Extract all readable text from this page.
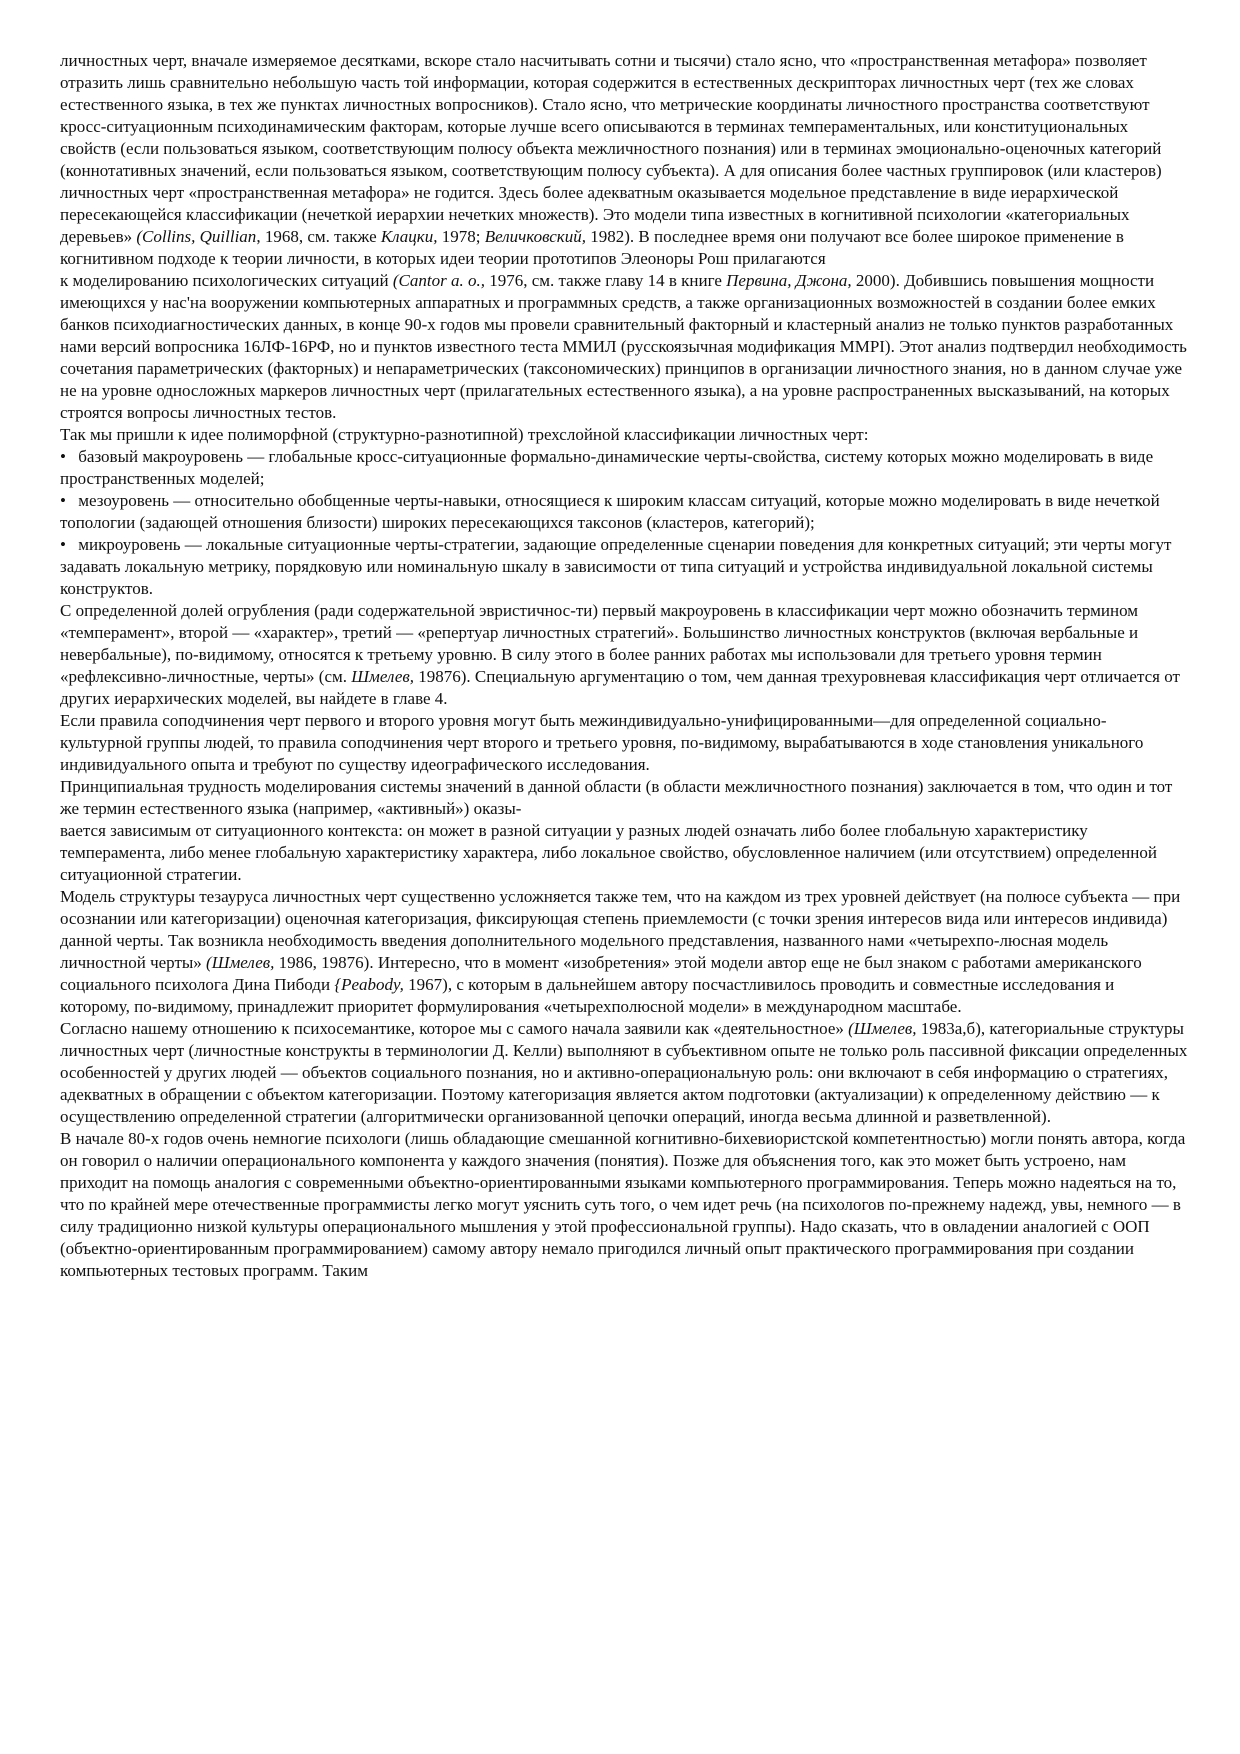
личностных черт, вначале измеряемое десятками, вскоре стало насчитывать сотни и тысячи) стало ясно, что «пространственная метафора» позволяет отразить лишь сравнительно небольшую часть той информации, которая содержится в естественных дескрипторах личностных черт (тех же словах естественного языка, в тех же пунктах личностных вопросников). Стало ясно, что метрические координаты личностного пространства соответствуют кросс-ситуационным психодинамическим факторам, которые лучше всего описываются в терминах темпераментальных, или конституциональных свойств (если пользоваться языком, соответствующим полюсу объекта межличностного познания) или в терминах эмоционально-оценочных категорий (коннотативных значений, если пользоваться языком, соответствующим полюсу субъекта). А для описания более частных группировок (или кластеров) личностных черт «пространственная метафора» не годится. Здесь более адекватным оказывается модельное представление в виде иерархической пересекающейся классификации (нечеткой иерархии нечетких множеств). Это модели типа известных в когнитивной психологии «категориальных деревьев» (Collins, Quillian, 1968, см. также Клацки, 1978; Величковский, 1982). В последнее время они получают все более широкое применение в когнитивном подходе к теории личности, в которых идеи теории прототипов Элеоноры Рош прилагаются

к моделированию психологических ситуаций (Cantor a. o., 1976, см. также главу 14 в книге Первина, Джона, 2000). Добившись повышения мощности имеющихся у нас'на вооружении компьютерных аппаратных и программных средств, а также организационных возможностей в создании более емких банков психодиагностических данных, в конце 90-х годов мы провели сравнительный факторный и кластерный анализ не только пунктов разработанных нами версий вопросника 16ЛФ-16РФ, но и пунктов известного теста ММИЛ (русскоязычная модификация MMPI). Этот анализ подтвердил необходимость сочетания параметрических (факторных) и непараметрических (таксономических) принципов в организации личностного знания, но в данном случае уже не на уровне односложных маркеров личностных черт (прилагательных естественного языка), а на уровне распространенных высказываний, на которых строятся вопросы личностных тестов.

Так мы пришли к идее полиморфной (структурно-разнотипной) трехслойной классификации личностных черт:

• базовый макроуровень — глобальные кросс-ситуационные формально-динамические черты-свойства, систему которых можно моделировать в виде пространственных моделей;

• мезоуровень — относительно обобщенные черты-навыки, относящиеся к широким классам ситуаций, которые можно моделировать в виде нечеткой топологии (задающей отношения близости) широких пересекающихся таксонов (кластеров, категорий);

• микроуровень — локальные ситуационные черты-стратегии, задающие определенные сценарии поведения для конкретных ситуаций; эти черты могут задавать локальную метрику, порядковую или номинальную шкалу в зависимости от типа ситуаций и устройства индивидуальной локальной системы конструктов.

С определенной долей огрубления (ради содержательной эвристичнос-ти) первый макроуровень в классификации черт можно обозначить термином «темперамент», второй — «характер», третий — «репертуар личностных стратегий». Большинство личностных конструктов (включая вербальные и невербальные), по-видимому, относятся к третьему уровню. В силу этого в более ранних работах мы использовали для третьего уровня термин «рефлексивно-личностные, черты» (см. Шмелев, 19876). Специальную аргументацию о том, чем данная трехуровневая классификация черт отличается от других иерархических моделей, вы найдете в главе 4.

Если правила соподчинения черт первого и второго уровня могут быть межиндивидуально-унифицированными—для определенной социально-культурной группы людей, то правила соподчинения черт второго и третьего уровня, по-видимому, вырабатываются в ходе становления уникального индивидуального опыта и требуют по существу идеографического исследования.

Принципиальная трудность моделирования системы значений в данной области (в области межличностного познания) заключается в том, что один и тот же термин естественного языка (например, «активный») оказы-

вается зависимым от ситуационного контекста: он может в разной ситуации у разных людей означать либо более глобальную характеристику темперамента, либо менее глобальную характеристику характера, либо локальное свойство, обусловленное наличием (или отсутствием) определенной ситуационной стратегии.

Модель структуры тезауруса личностных черт существенно усложняется также тем, что на каждом из трех уровней действует (на полюсе субъекта — при осознании или категоризации) оценочная категоризация, фиксирующая степень приемлемости (с точки зрения интересов вида или интересов индивида) данной черты. Так возникла необходимость введения дополнительного модельного представления, названного нами «четырехпо-люсная модель личностной черты» (Шмелев, 1986, 19876). Интересно, что в момент «изобретения» этой модели автор еще не был знаком с работами американского социального психолога Дина Пибоди {Peabody, 1967), с которым в дальнейшем автору посчастливилось проводить и совместные исследования и которому, по-видимому, принадлежит приоритет формулирования «четырехполюсной модели» в международном масштабе.

Согласно нашему отношению к психосемантике, которое мы с самого начала заявили как «деятельностное» (Шмелев, 1983а,б), категориальные структуры личностных черт (личностные конструкты в терминологии Д. Келли) выполняют в субъективном опыте не только роль пассивной фиксации определенных особенностей у других людей — объектов социального познания, но и активно-операциональную роль: они включают в себя информацию о стратегиях, адекватных в обращении с объектом категоризации. Поэтому категоризация является актом подготовки (актуализации) к определенному действию — к осуществлению определенной стратегии (алгоритмически организованной цепочки операций, иногда весьма длинной и разветвленной).

В начале 80-х годов очень немногие психологи (лишь обладающие смешанной когнитивно-бихевиористской компетентностью) могли понять автора, когда он говорил о наличии операционального компонента у каждого значения (понятия). Позже для объяснения того, как это может быть устроено, нам приходит на помощь аналогия с современными объектно-ориентированными языками компьютерного программирования. Теперь можно надеяться на то, что по крайней мере отечественные программисты легко могут уяснить суть того, о чем идет речь (на психологов по-прежнему надежд, увы, немного — в силу традиционно низкой культуры операционального мышления у этой профессиональной группы). Надо сказать, что в овладении аналогией с ООП (объектно-ориентированным программированием) самому автору немало пригодился личный опыт практического программирования при создании компьютерных тестовых программ. Таким
